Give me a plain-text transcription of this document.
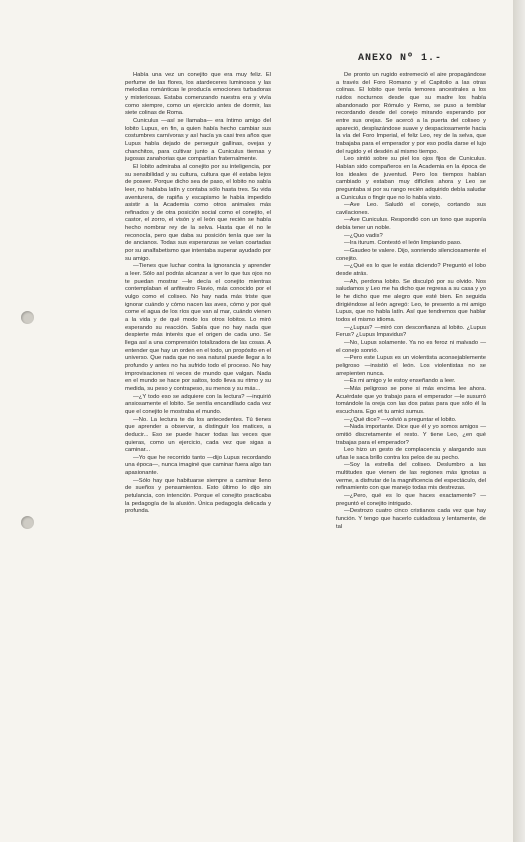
ANEXO Nº 1.-

Había una vez un conejito que era muy feliz. El perfume de las flores, los atardeceres luminosos y las melodías románticas le producía emociones turbadoras y misteriosas. Estaba comenzando nuestra era y vivía como siempre, como un ejercicio antes de dormir, las siete colinas de Roma.

Cuniculus —así se llamaba— era íntimo amigo del lobito Lupus, en fin, a quien había hecho cambiar sus costumbres carnívoras y así hacía ya casi tres años que Lupus había dejado de perseguir gallinas, ovejas y chanchitos, para cultivar junto a Cuniculus tiernas y jugosas zanahorias que compartían fraternalmente.

El lobito admiraba al conejito por su inteligencia, por su sensibilidad y su cultura, cultura que él estaba lejos de poseer. Porque dicho sea de paso, el lobito no sabía leer, no hablaba latín y contaba sólo hasta tres. Su vida aventurera, de rapiña y escapismo le había impedido asistir a la Academia como otros animales más refinados y de otra posición social como el conejito, el castor, el zorro, el visón y el león que recién se había hecho nombrar rey de la selva. Hasta que él no le reconocía, pero que daba su posición tenía que ser la de ancianos. Todas sus esperanzas se veían coartadas por su analfabetismo que intentaba superar ayudado por su amigo.

—Tienes que luchar contra la ignorancia y aprender a leer. Sólo así podrás alcanzar a ver lo que tus ojos no te puedan mostrar —le decía el conejito mientras contemplaban el anfiteatro Flavio, más conocido por el vulgo como el coliseo. No hay nada más triste que ignorar cuándo y cómo nacen las aves, cómo y por qué come el agua de los ríos que van al mar, cuándo vienen a la vida y de qué modo los otros lobitos. Lo miró esperando su reacción. Sabía que no hay nada que despierte más interés que el origen de cada uno. Se llega así a una comprensión totalizadora de las cosas. A entender que hay un orden en el todo, un propósito en el universo. Que nada que no sea natural puede llegar a lo profundo y antes no ha sufrido todo el proceso. No hay improvisaciones ni veces de mundo que valgan. Nada en el mundo se hace por saltos, todo lleva su ritmo y su medida, su peso y contrapeso, su menos y su más...

—¿Y todo eso se adquiere con la lectura? —inquirió ansiosamente el lobito. Se sentía encandilado cada vez que el conejito le mostraba el mundo.

—No. La lectura te da los antecedentes. Tú tienes que aprender a observar, a distinguir los matices, a deducir... Eso se puede hacer todas las veces que quieras, como un ejercicio, cada vez que sigas a caminar...

—Yo que he recorrido tanto —dijo Lupus recordando una época—, nunca imaginé que caminar fuera algo tan apasionante.

—Sólo hay que habituarse siempre a caminar lleno de sueños y pensamientos. Esto último lo dijo sin petulancia, con intención. Porque el conejito practicaba la pedagogía de la alusión. Única pedagogía delicada y profunda.

De pronto un rugido estremeció el aire propagándose a través del Foro Romano y el Capitolio a las otras colinas. El lobito que tenía temores ancestrales a los ruidos nocturnos desde que su madre los había abandonado por Rómulo y Remo, se puso a temblar recordando desde del conejo mirando esperando por entre sus orejas. Se acercó a la puerta del coliseo y apareció, desplazándose suave y despaciosamente hacia la vía del Foro Imperial, el feliz Leo, rey de la selva, que trabajaba para el emperador y por eso podía darse el lujo del rugido y el desdén al mismo tiempo.

Leo sintió sobre su piel los ojos fijos de Cuniculus. Habían sido compañeros en la Academia en la época de los ideales de juventud. Pero los tiempos habían cambiado y estaban muy difíciles ahora y Leo se preguntaba si por su rango recién adquirido debía saludar a Cuniculus o fingir que no lo había visto.

—Ave Leo. Saludó el conejo, cortando sus cavilaciones.

—Ave Cuniculus. Respondió con un tono que suponía debía tener un noble.

—¿Quo vadis?

—Ira iturum. Contestó el león limpiando paso.

—Gaudeo te valere. Dijo, sonriendo silenciosamente el conejito.

—¿Qué es lo que le estás diciendo? Preguntó el lobo desde atrás.

—Ah, perdona lobito. Se disculpó por su olvido. Nos saludamos y Leo me ha dicho que regresa a su casa y yo le he dicho que me alegro que esté bien. En seguida dirigiéndose al león agregó: Leo, te presento a mi amigo Lupus, que no habla latín. Así que tendremos que hablar todos el mismo idioma.

—¿Lupus? —miró con desconfianza al lobito. ¿Lupus Ferus? ¿Lupus Impavidus?

—No, Lupus solamente. Ya no es feroz ni malvado —el conejo sonrió.

—Pero este Lupus es un violentista aconsejablemente peligroso —insistió el león. Los violentistas no se arrepienten nunca.

—Es mi amigo y le estoy enseñando a leer.

—Más peligroso se pone si más encima lee ahora. Acuérdate que yo trabajo para el emperador —le susurró tomándole la oreja con las dos patas para que sólo él la escuchara. Ego et tu amici sumus.

—¿Qué dice? —volvió a preguntar el lobito.

—Nada importante. Dice que él y yo somos amigos —omitió discretamente el resto. Y tiene Leo, ¿en qué trabajas para el emperador?

Leo hizo un gesto de complacencia y alargando sus uñas le saca brillo contra los pelos de su pecho.

—Soy la estrella del coliseo. Deslumbro a las multitudes que vienen de las regiones más ignotas a verme, a disfrutar de la magnificencia del espectáculo, del refinamiento con que manejo todas mis destrezas.

—¿Pero, qué es lo que haces exactamente? —preguntó el conejito intrigado.

—Destrozo cuatro cinco cristianos cada vez que hay función. Y tengo que hacerlo cuidadosa y lentamente, de tal
